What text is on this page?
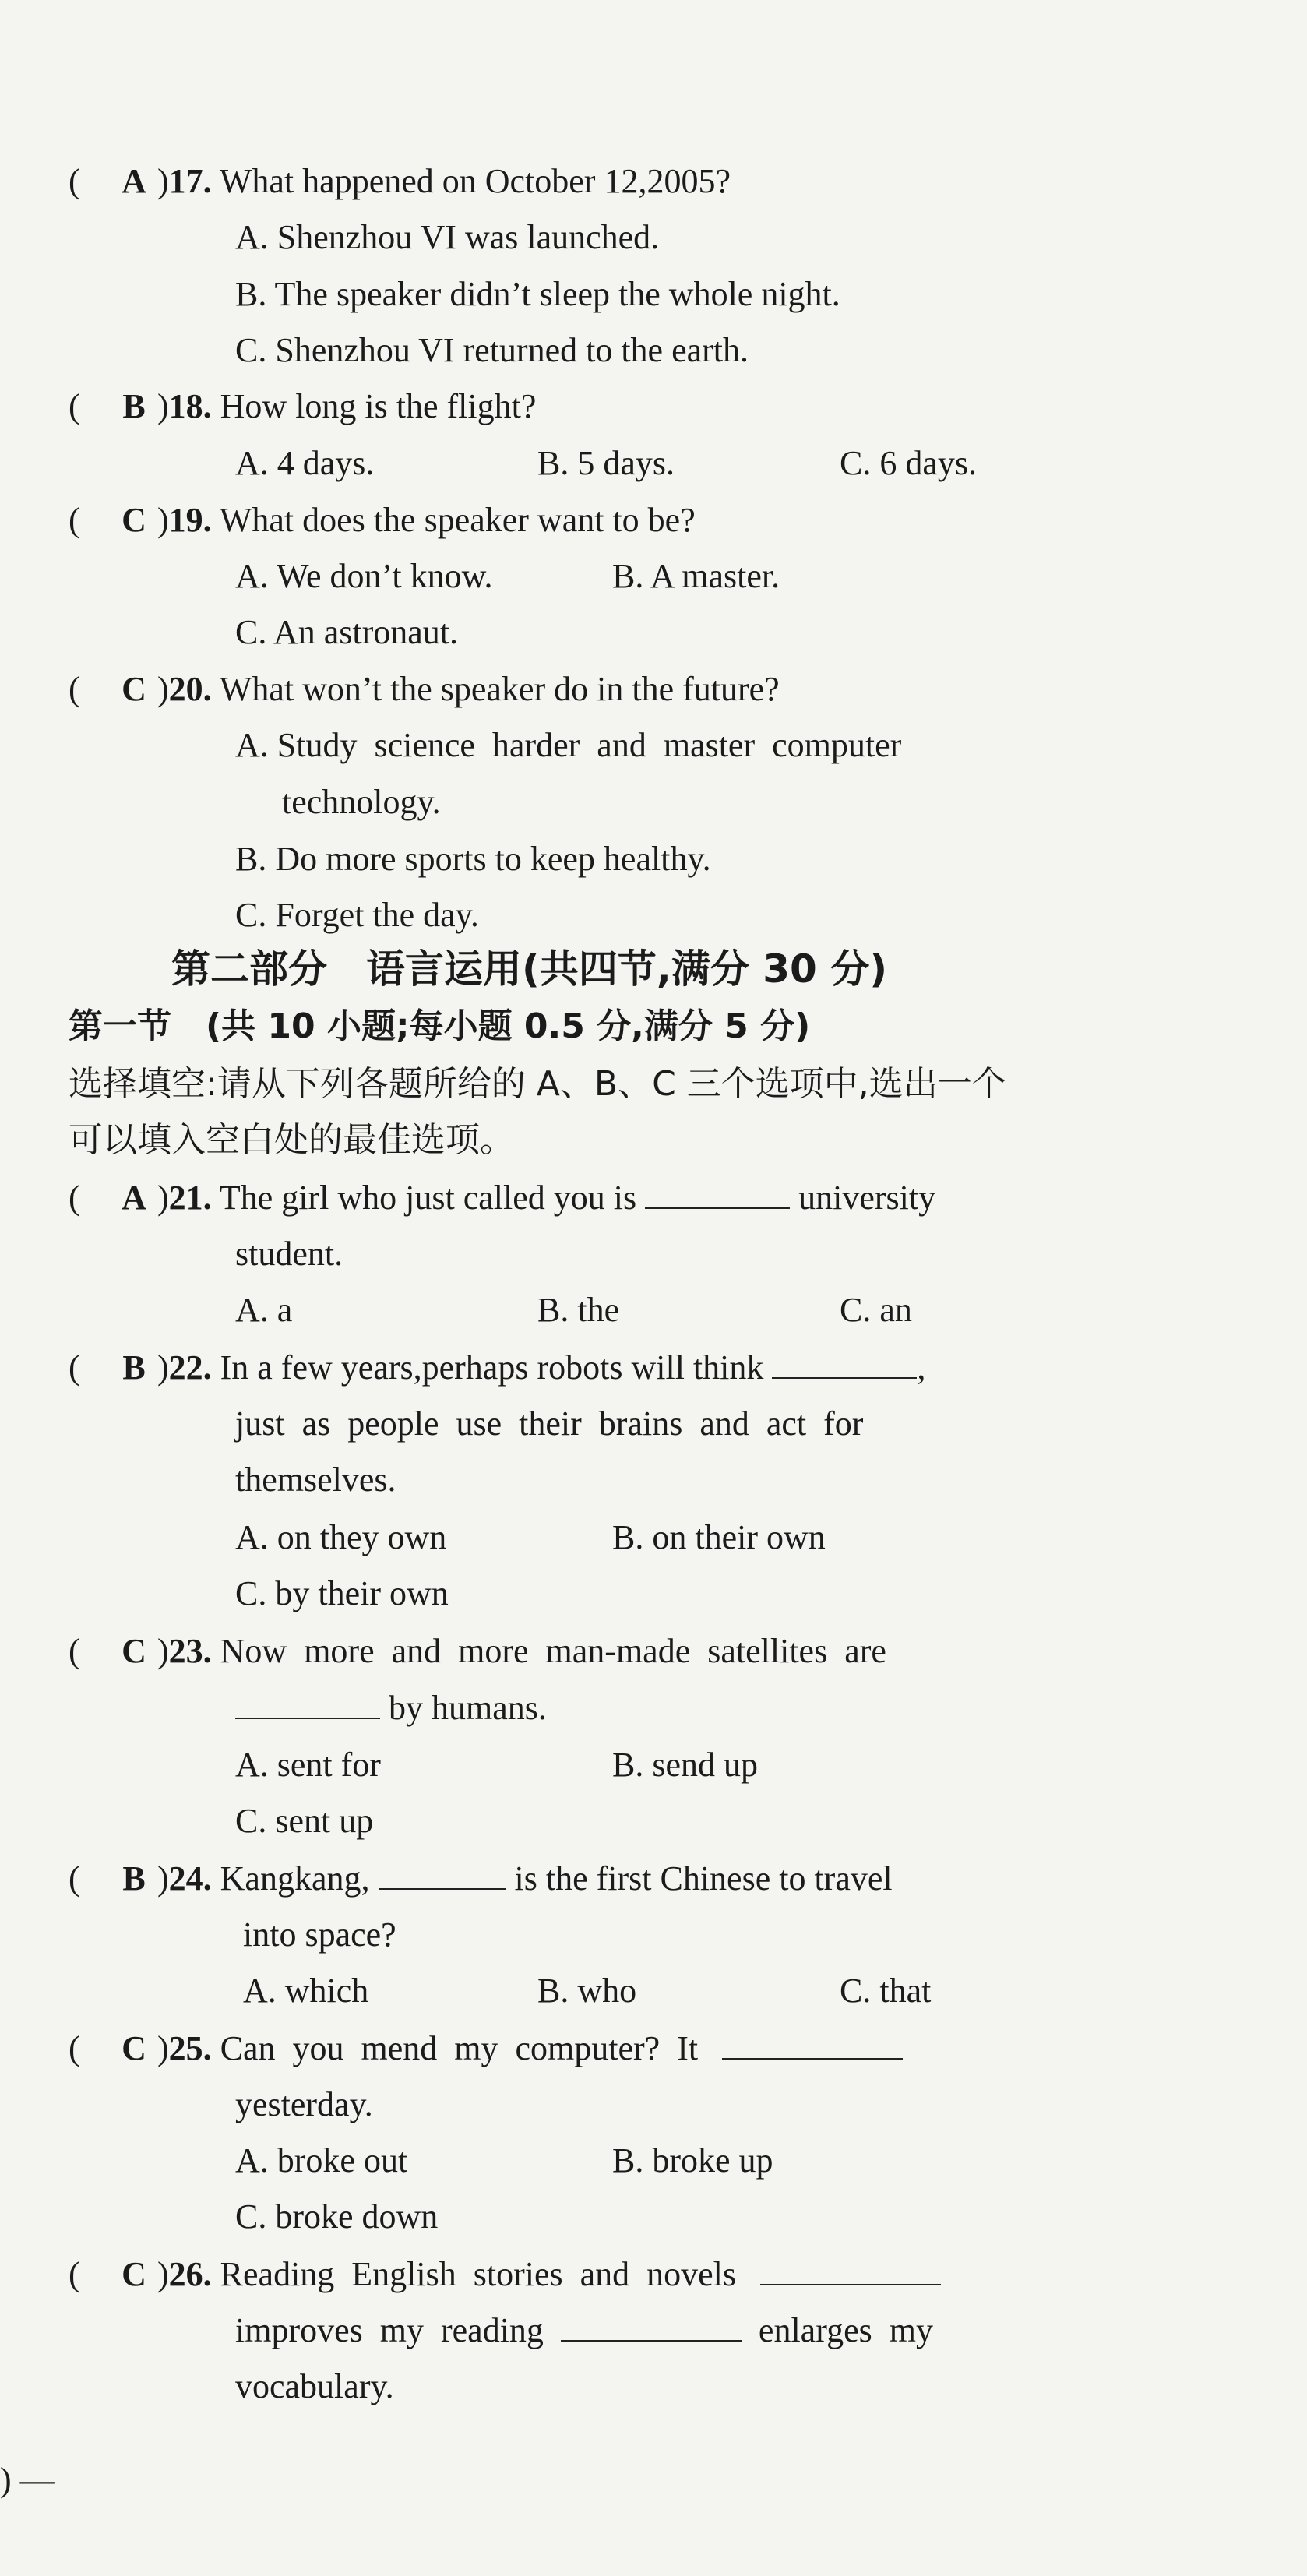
( A )17. What happened on October 12,2005?
A. Shenzhou VI was launched.
B. The speaker didn’t sleep the whole night.
C. Shenzhou VI returned to the earth.
( B )18. How long is the flight?
A. 4 days.	B. 5 days.	C. 6 days.
( C )19. What does the speaker want to be?
A. We don’t know.	B. A master.
C. An astronaut.
( C )20. What won’t the speaker do in the future?
A. Study  science  harder  and  master  computer
technology.
B. Do more sports to keep healthy.
C. Forget the day.
第二部分　语言运用(共四节,满分 30 分)
第一节　(共 10 小题;每小题 0.5 分,满分 5 分)
选择填空:请从下列各题所给的 A、B、C 三个选项中,选出一个
可以填入空白处的最佳选项。
( A )21. The girl who just called you is	university
student.
A. a	B. the	C. an
( B )22. In a few years,perhaps robots will think	,
just  as  people  use  their  brains  and  act  for
themselves.
A. on they own	B. on their own
C. by their own
( C )23. Now  more  and  more  man-made  satellites  are
by humans.
A. sent for	B. send up
C. sent up
( B )24. Kangkang,	is the first Chinese to travel
into space?
A. which	B. who	C. that
( C )25. Can  you  mend  my  computer?  It
yesterday.
A. broke out	B. broke up
C. broke down
( C )26. Reading  English  stories  and  novels
improves  my  reading	enlarges  my
vocabulary.
) —
